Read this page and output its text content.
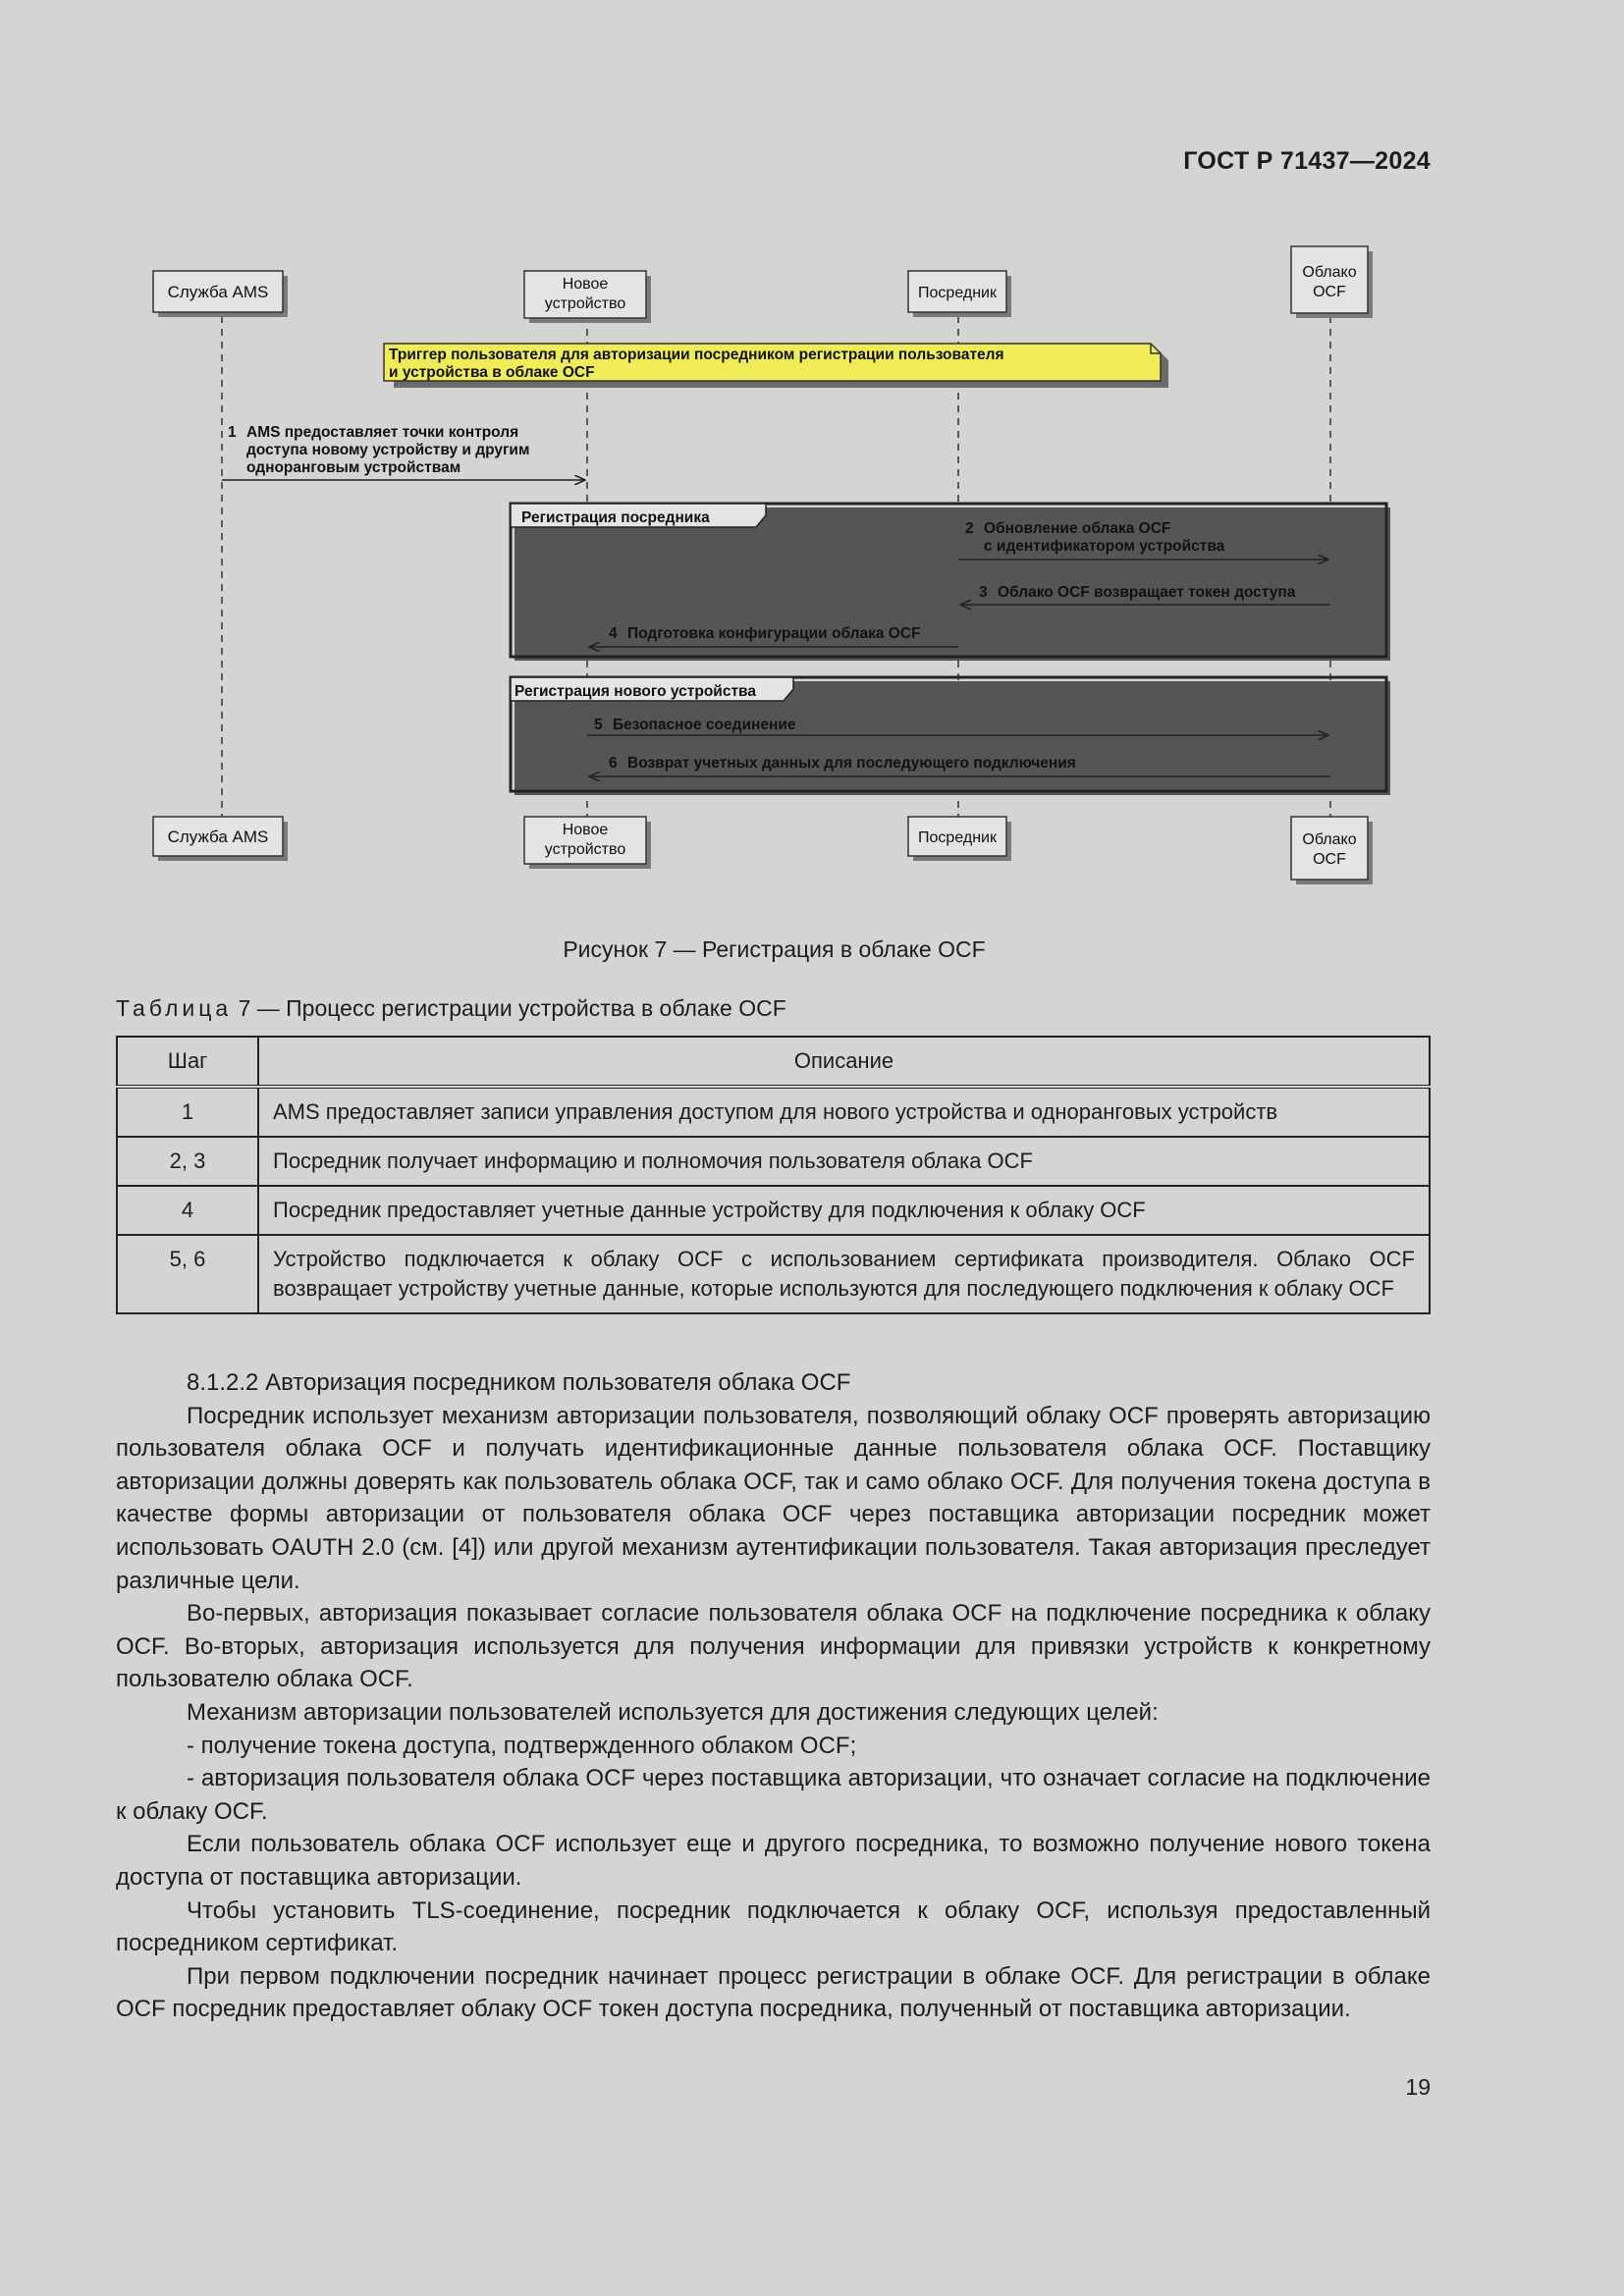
ГОСТ Р 71437—2024
Служба AMS	Новое
устройство
Посредник
Облако
OCF
Триггер пользователя для авторизации посредником регистрации пользователя
и устройства в облаке OCF
1 AMS предоставляет точки контроля
доступа новому устройству и другим
одноранговым устройствам
Регистрация посредника
2 Обновление облака OCF
с идентификатором устройства
3 Облако OCF возвращает токен доступа
4 Подготовка конфигурации облака OCF
Регистрация нового устройства
5 Безопасное соединение
6 Возврат учетных данных для последующего подключения
Служба AMS	Новое
устройство
Посредник	Облако
OCF
Рисунок 7 — Регистрация в облаке OCF
Таблица 7 — Процесс регистрации устройства в облаке OCF
Шаг	Описание
1	AMS предоставляет записи управления доступом для нового устройства и одноранговых устройств
2, 3	Посредник получает информацию и полномочия пользователя облака OCF
4	Посредник предоставляет учетные данные устройству для подключения к облаку OCF
5, 6	Устройство подключается к облаку OCF с использованием сертификата производителя. Облако OCF возвращает устройству учетные данные, которые используются для последующего подключения к облаку OCF

8.1.2.2 Авторизация посредником пользователя облака OCF

Посредник использует механизм авторизации пользователя, позволяющий облаку OCF проверять авторизацию пользователя облака OCF и получать идентификационные данные пользователя облака OCF. Поставщику авторизации должны доверять как пользователь облака OCF, так и само облако OCF. Для получения токена доступа в качестве формы авторизации от пользователя облака OCF через поставщика авторизации посредник может использовать OAUTH 2.0 (см. [4]) или другой механизм аутентификации пользователя. Такая авторизация преследует различные цели.

Во-первых, авторизация показывает согласие пользователя облака OCF на подключение посредника к облаку OCF. Во-вторых, авторизация используется для получения информации для привязки устройств к конкретному пользователю облака OCF.

Механизм авторизации пользователей используется для достижения следующих целей:

- получение токена доступа, подтвержденного облаком OCF;

- авторизация пользователя облака OCF через поставщика авторизации, что означает согласие на подключение к облаку OCF.

Если пользователь облака OCF использует еще и другого посредника, то возможно получение нового токена доступа от поставщика авторизации.

Чтобы установить TLS-соединение, посредник подключается к облаку OCF, используя предоставленный посредником сертификат.

При первом подключении посредник начинает процесс регистрации в облаке OCF. Для регистрации в облаке OCF посредник предоставляет облаку OCF токен доступа посредника, полученный от поставщика авторизации.

19
